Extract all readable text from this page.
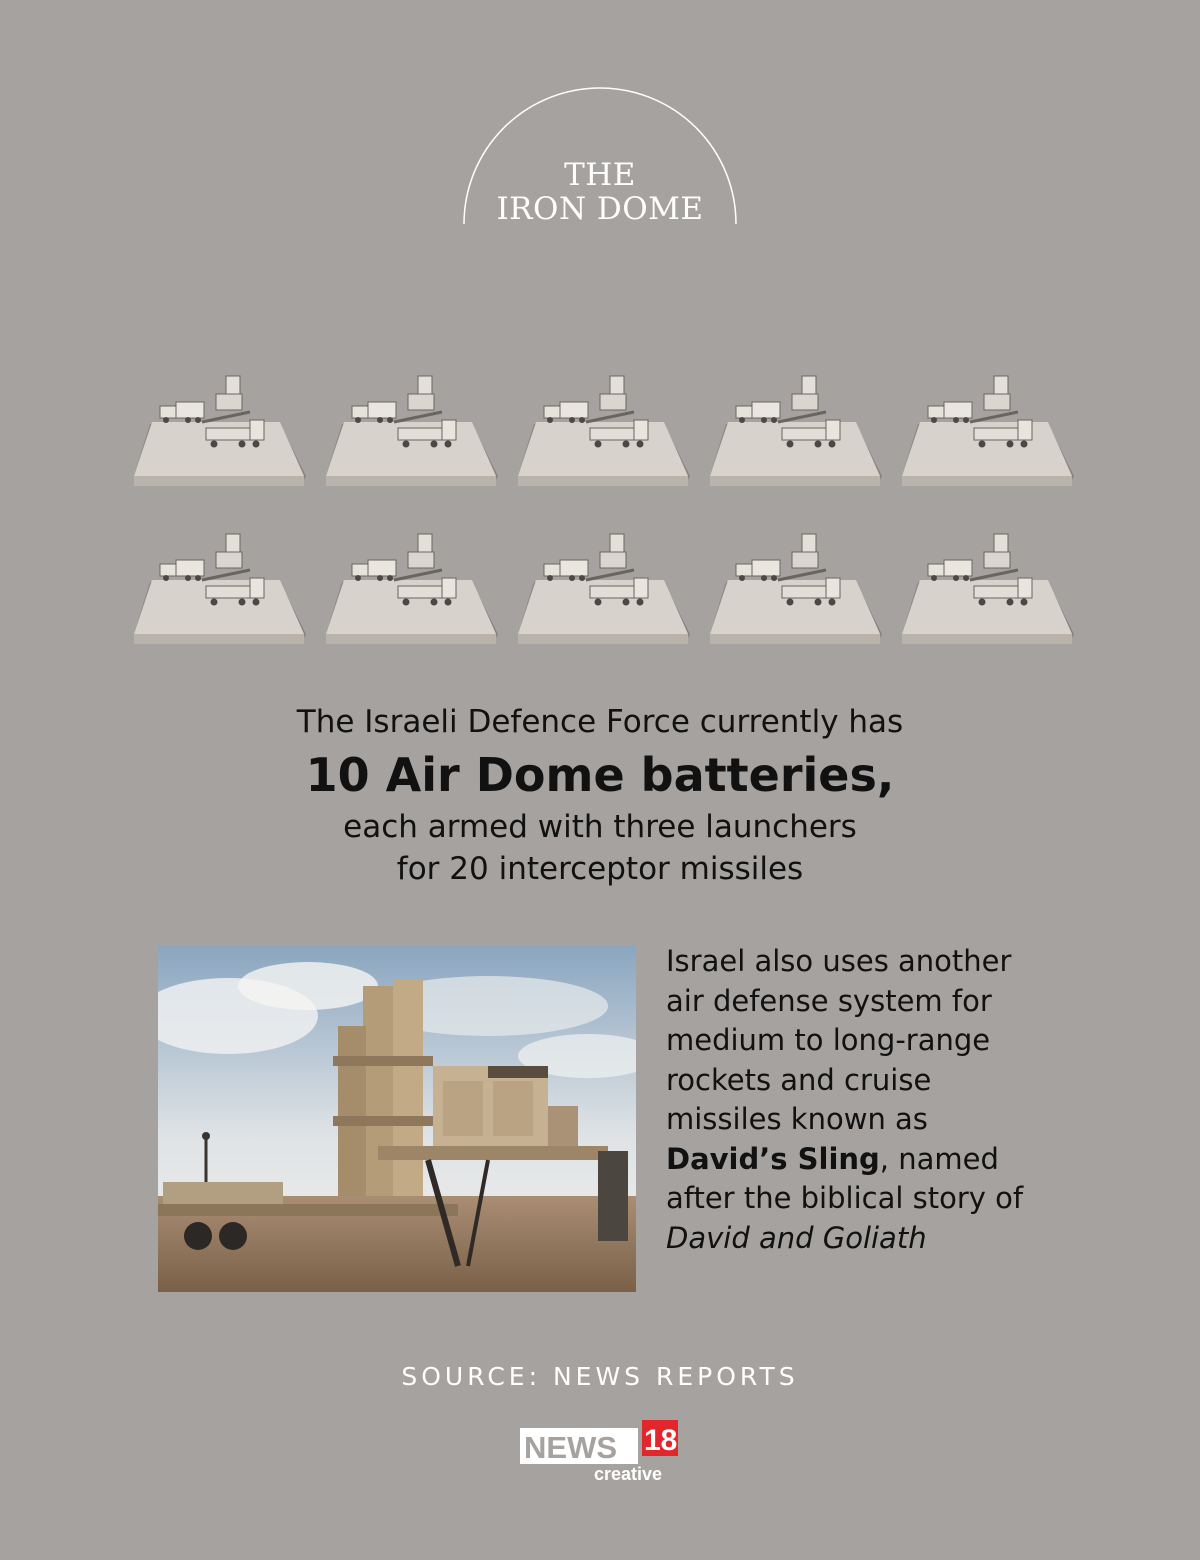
THE
IRON DOME
The Israeli Defence Force currently has
10 Air Dome batteries,
each armed with three launchers
for 20 interceptor missiles
Israel also uses another air defense system for medium to long-range rockets and cruise missiles known as David’s Sling, named after the biblical story of David and Goliath
SOURCE: NEWS REPORTS
NEWS 18
creative
